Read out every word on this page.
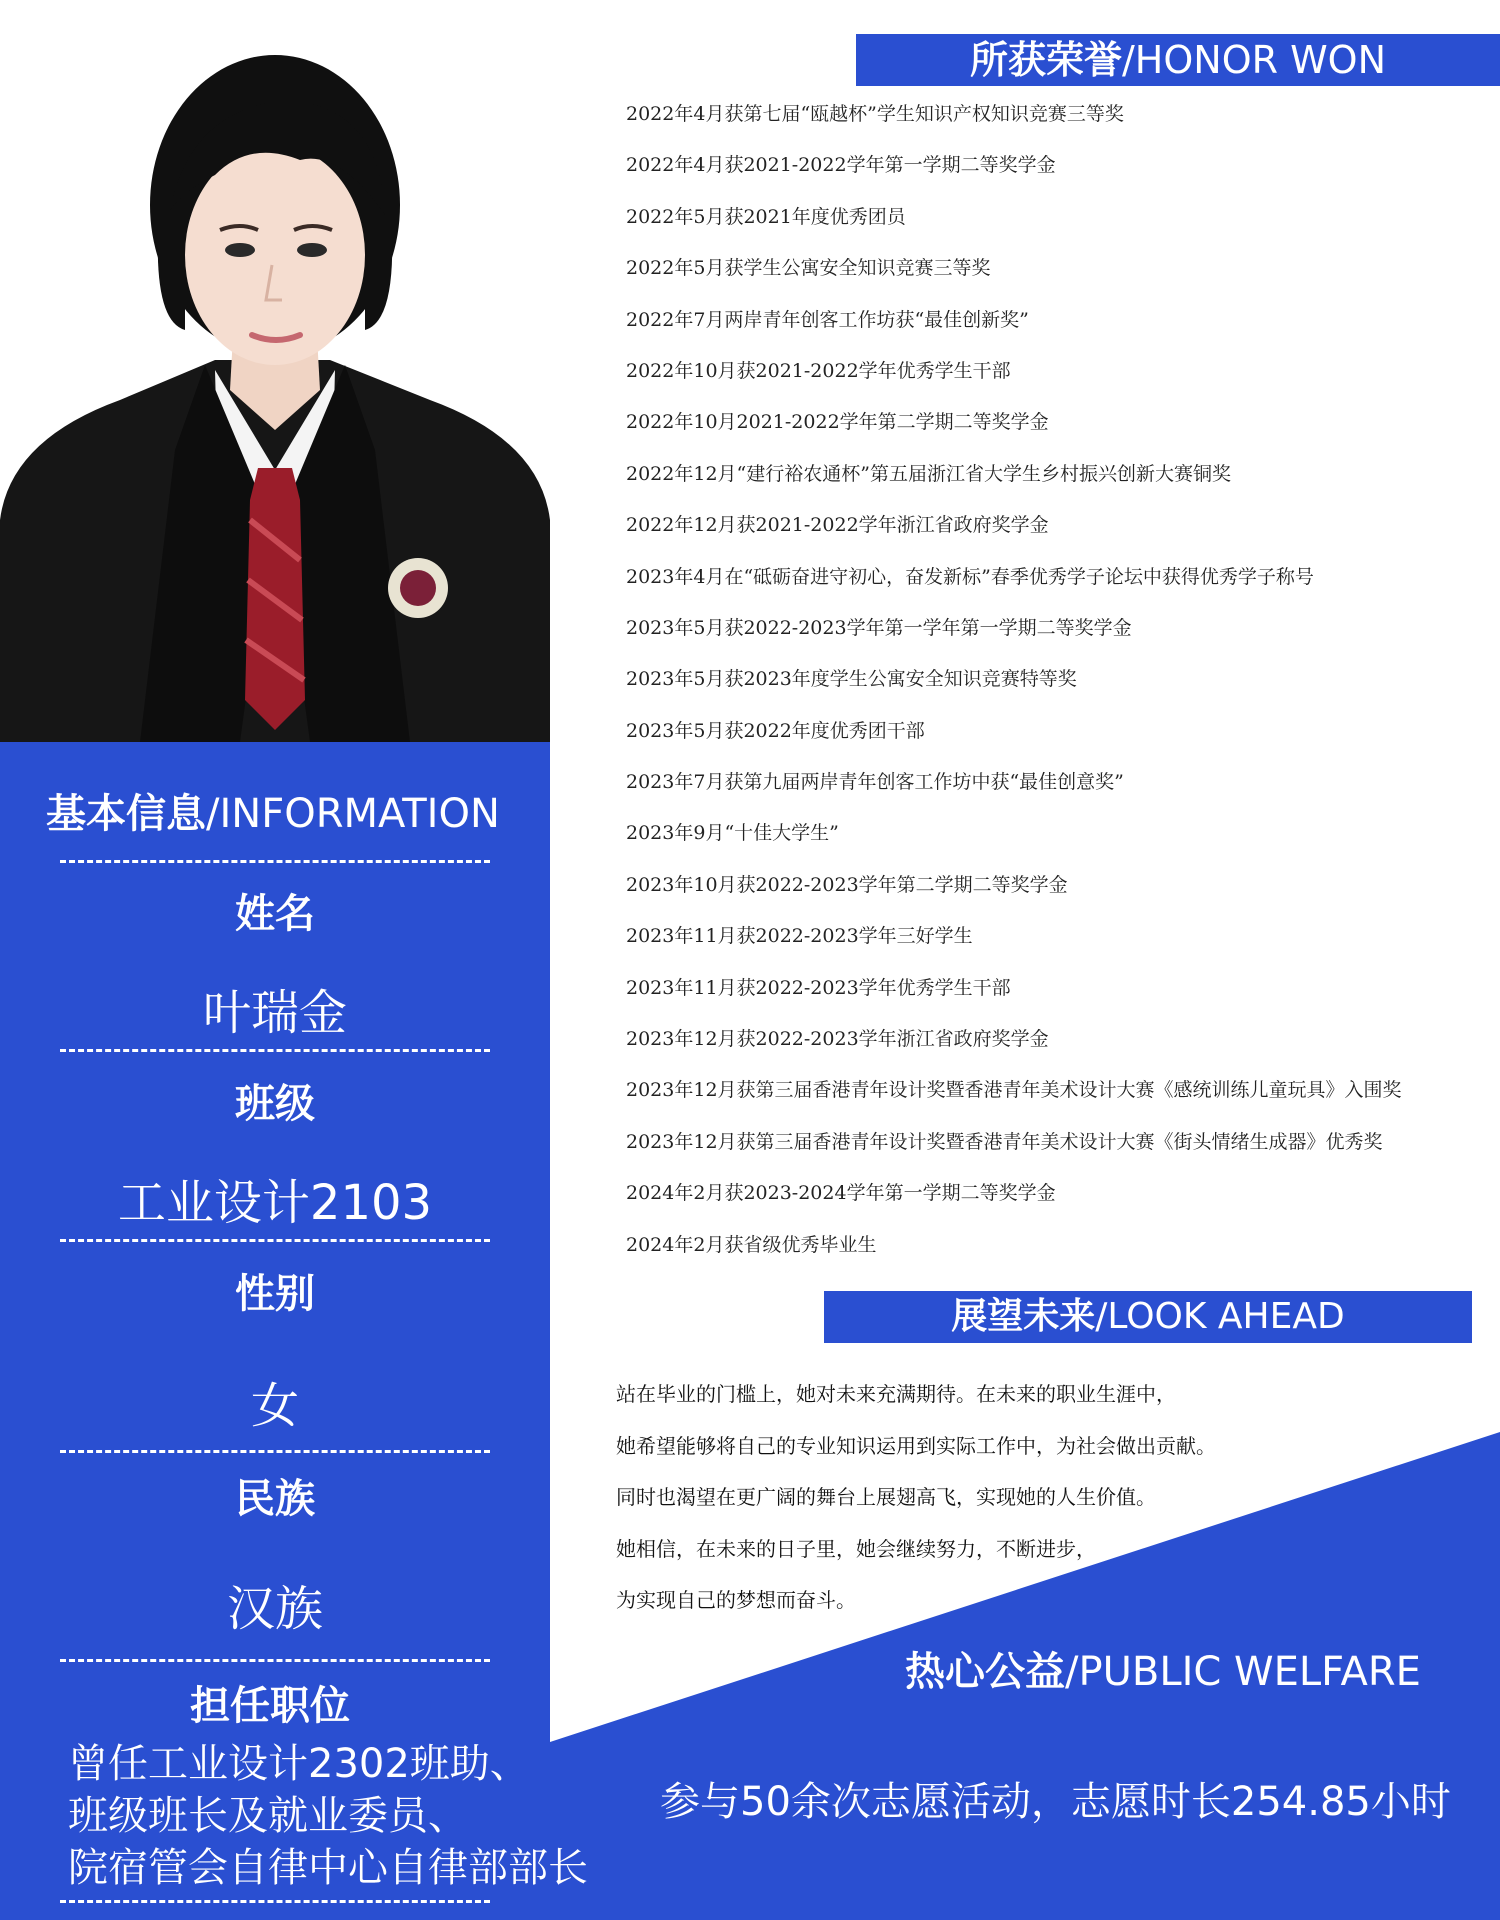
基本信息/INFORMATION
姓名
叶瑞金
班级
工业设计2103
性别
女
民族
汉族
担任职位
曾任工业设计2302班助、
班级班长及就业委员、
院宿管会自律中心自律部部长
所获荣誉/HONOR WON
2022年4月获第七届“瓯越杯”学生知识产权知识竞赛三等奖
2022年4月获2021-2022学年第一学期二等奖学金
2022年5月获2021年度优秀团员
2022年5月获学生公寓安全知识竞赛三等奖
2022年7月两岸青年创客工作坊获“最佳创新奖”
2022年10月获2021-2022学年优秀学生干部
2022年10月2021-2022学年第二学期二等奖学金
2022年12月“建行裕农通杯”第五届浙江省大学生乡村振兴创新大赛铜奖
2022年12月获2021-2022学年浙江省政府奖学金
2023年4月在“砥砺奋进守初心，奋发新标”春季优秀学子论坛中获得优秀学子称号
2023年5月获2022-2023学年第一学年第一学期二等奖学金
2023年5月获2023年度学生公寓安全知识竞赛特等奖
2023年5月获2022年度优秀团干部
2023年7月获第九届两岸青年创客工作坊中获“最佳创意奖”
2023年9月“十佳大学生”
2023年10月获2022-2023学年第二学期二等奖学金
2023年11月获2022-2023学年三好学生
2023年11月获2022-2023学年优秀学生干部
2023年12月获2022-2023学年浙江省政府奖学金
2023年12月获第三届香港青年设计奖暨香港青年美术设计大赛《感统训练儿童玩具》入围奖
2023年12月获第三届香港青年设计奖暨香港青年美术设计大赛《街头情绪生成器》优秀奖
2024年2月获2023-2024学年第一学期二等奖学金
2024年2月获省级优秀毕业生
展望未来/LOOK AHEAD
站在毕业的门槛上，她对未来充满期待。在未来的职业生涯中，
她希望能够将自己的专业知识运用到实际工作中，为社会做出贡献。
同时也渴望在更广阔的舞台上展翅高飞，实现她的人生价值。
她相信，在未来的日子里，她会继续努力，不断进步，
为实现自己的梦想而奋斗。
热心公益/PUBLIC WELFARE
参与50余次志愿活动，志愿时长254.85小时
